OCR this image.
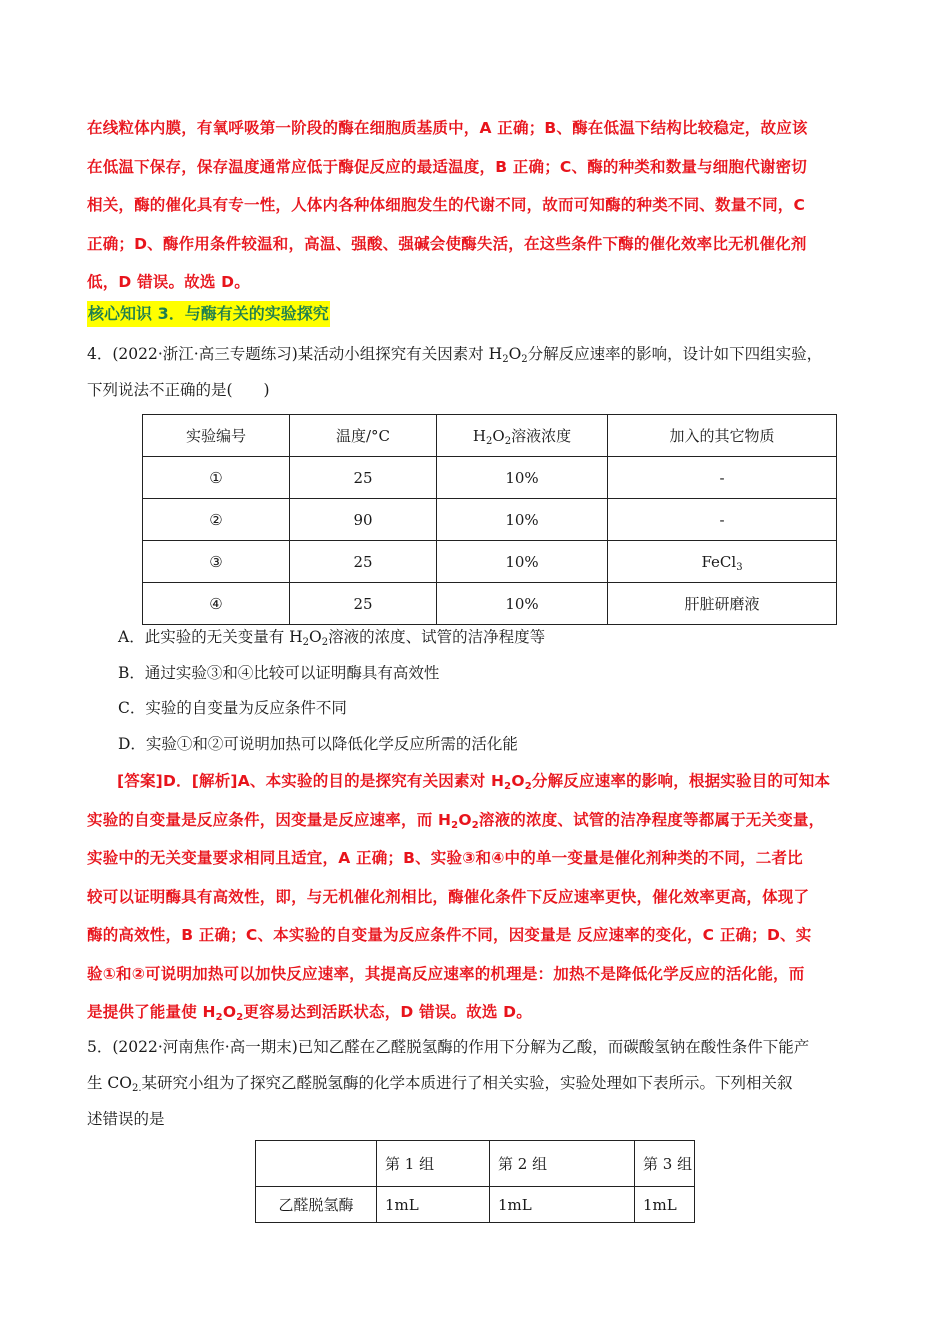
在线粒体内膜，有氧呼吸第一阶段的酶在细胞质基质中，A 正确；B、酶在低温下结构比较稳定，故应该

在低温下保存，保存温度通常应低于酶促反应的最适温度，B 正确；C、酶的种类和数量与细胞代谢密切

相关，酶的催化具有专一性，人体内各种体细胞发生的代谢不同，故而可知酶的种类不同、数量不同，C

正确；D、酶作用条件较温和，高温、强酸、强碱会使酶失活，在这些条件下酶的催化效率比无机催化剂

低，D 错误。故选 D。

核心知识 3．与酶有关的实验探究

4．(2022·浙江·高三专题练习)某活动小组探究有关因素对 $H_2O_2$分解反应速率的影响，设计如下四组实验，

下列说法不正确的是(　　)

实验编号	温度/°C	$H_2O_2$溶液浓度	加入的其它物质
①	25	10%	-
②	90	10%	-
③	25	10%	FeCl$_3$
④	25	10%	肝脏研磨液

A．此实验的无关变量有 $H_2O_2$溶液的浓度、试管的洁净程度等

B．通过实验③和④比较可以证明酶具有高效性

C．实验的自变量为反应条件不同

D．实验①和②可说明加热可以降低化学反应所需的活化能

[答案]D．[解析]A、本实验的目的是探究有关因素对 $H_2O_2$分解反应速率的影响，根据实验目的可知本

实验的自变量是反应条件，因变量是反应速率，而 $H_2O_2$溶液的浓度、试管的洁净程度等都属于无关变量，

实验中的无关变量要求相同且适宜，A 正确；B、实验③和④中的单一变量是催化剂种类的不同，二者比

较可以证明酶具有高效性，即，与无机催化剂相比，酶催化条件下反应速率更快，催化效率更高，体现了

酶的高效性，B 正确；C、本实验的自变量为反应条件不同，因变量是 反应速率的变化，C 正确；D、实

验①和②可说明加热可以加快反应速率，其提高反应速率的机理是：加热不是降低化学反应的活化能，而

是提供了能量使 $H_2O_2$更容易达到活跃状态，D 错误。故选 D。

5．(2022·河南焦作·高一期末)已知乙醛在乙醛脱氢酶的作用下分解为乙酸，而碳酸氢钠在酸性条件下能产

生 $CO_{2.}$某研究小组为了探究乙醛脱氢酶的化学本质进行了相关实验，实验处理如下表所示。下列相关叙

述错误的是

	第 1 组	第 2 组	第 3 组
乙醛脱氢酶	1mL	1mL	1mL
